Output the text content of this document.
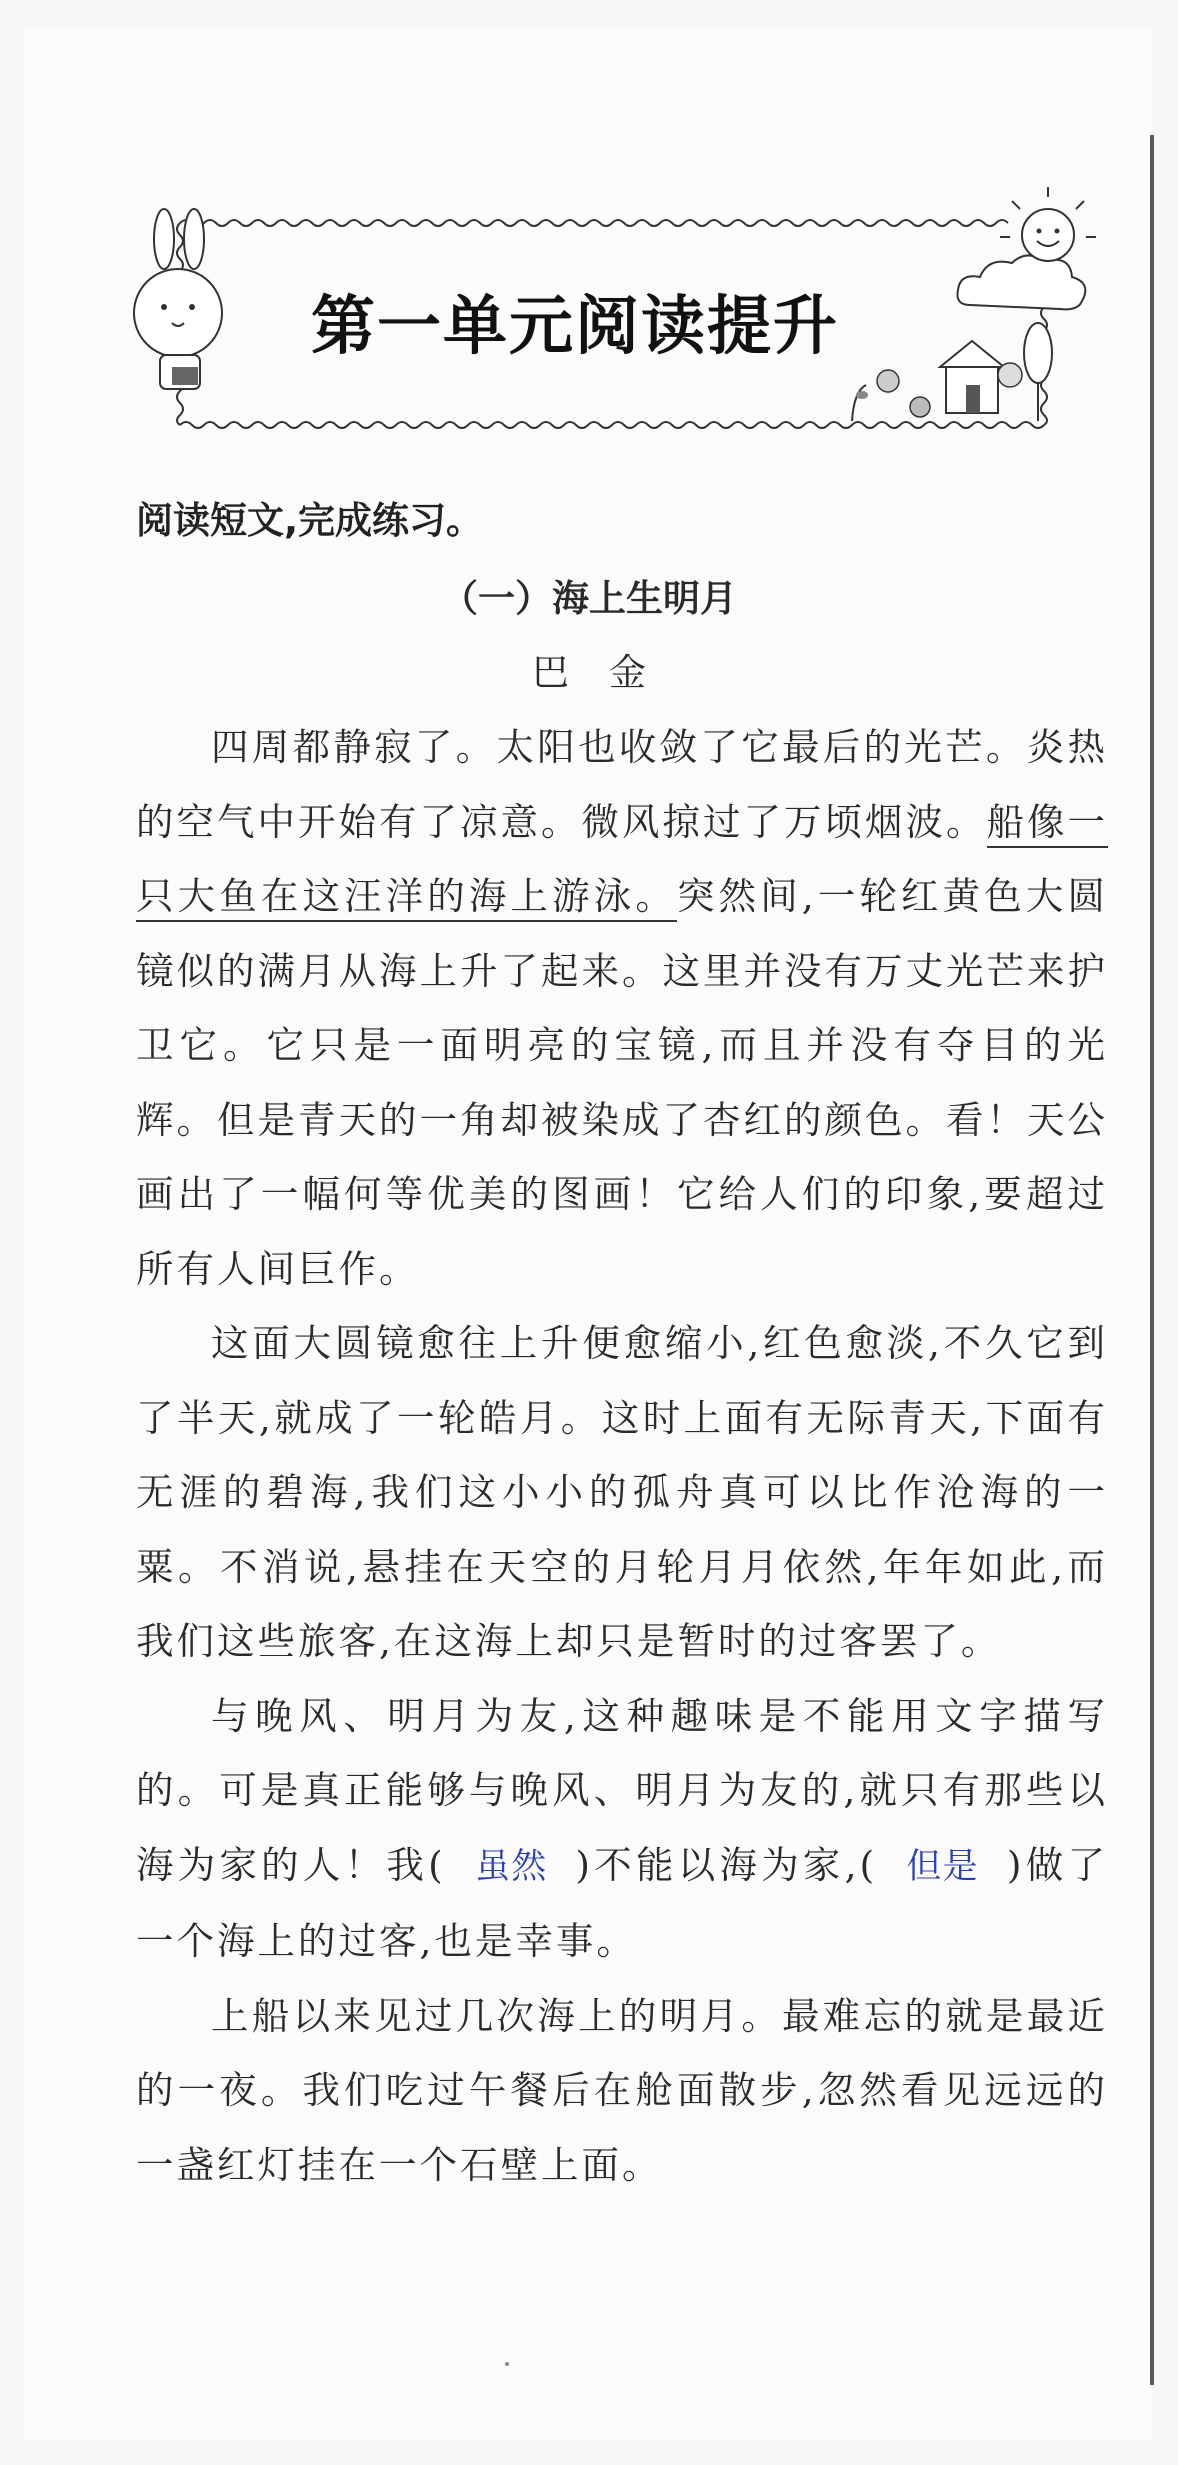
第一单元阅读提升
阅读短文,完成练习。
（一）海上生明月
巴金

四周都静寂了。太阳也收敛了它最后的光芒。炎热的空气中开始有了凉意。微风掠过了万顷烟波。船像一只大鱼在这汪洋的海上游泳。突然间,一轮红黄色大圆镜似的满月从海上升了起来。这里并没有万丈光芒来护卫它。它只是一面明亮的宝镜,而且并没有夺目的光辉。但是青天的一角却被染成了杏红的颜色。看！天公画出了一幅何等优美的图画！它给人们的印象,要超过所有人间巨作。

这面大圆镜愈往上升便愈缩小,红色愈淡,不久它到了半天,就成了一轮皓月。这时上面有无际青天,下面有无涯的碧海,我们这小小的孤舟真可以比作沧海的一粟。不消说,悬挂在天空的月轮月月依然,年年如此,而我们这些旅客,在这海上却只是暂时的过客罢了。

与晚风、明月为友,这种趣味是不能用文字描写的。可是真正能够与晚风、明月为友的,就只有那些以海为家的人！我( 虽然 )不能以海为家,( 但是 )做了一个海上的过客,也是幸事。

上船以来见过几次海上的明月。最难忘的就是最近的一夜。我们吃过午餐后在舱面散步,忽然看见远远的一盏红灯挂在一个石壁上面。
